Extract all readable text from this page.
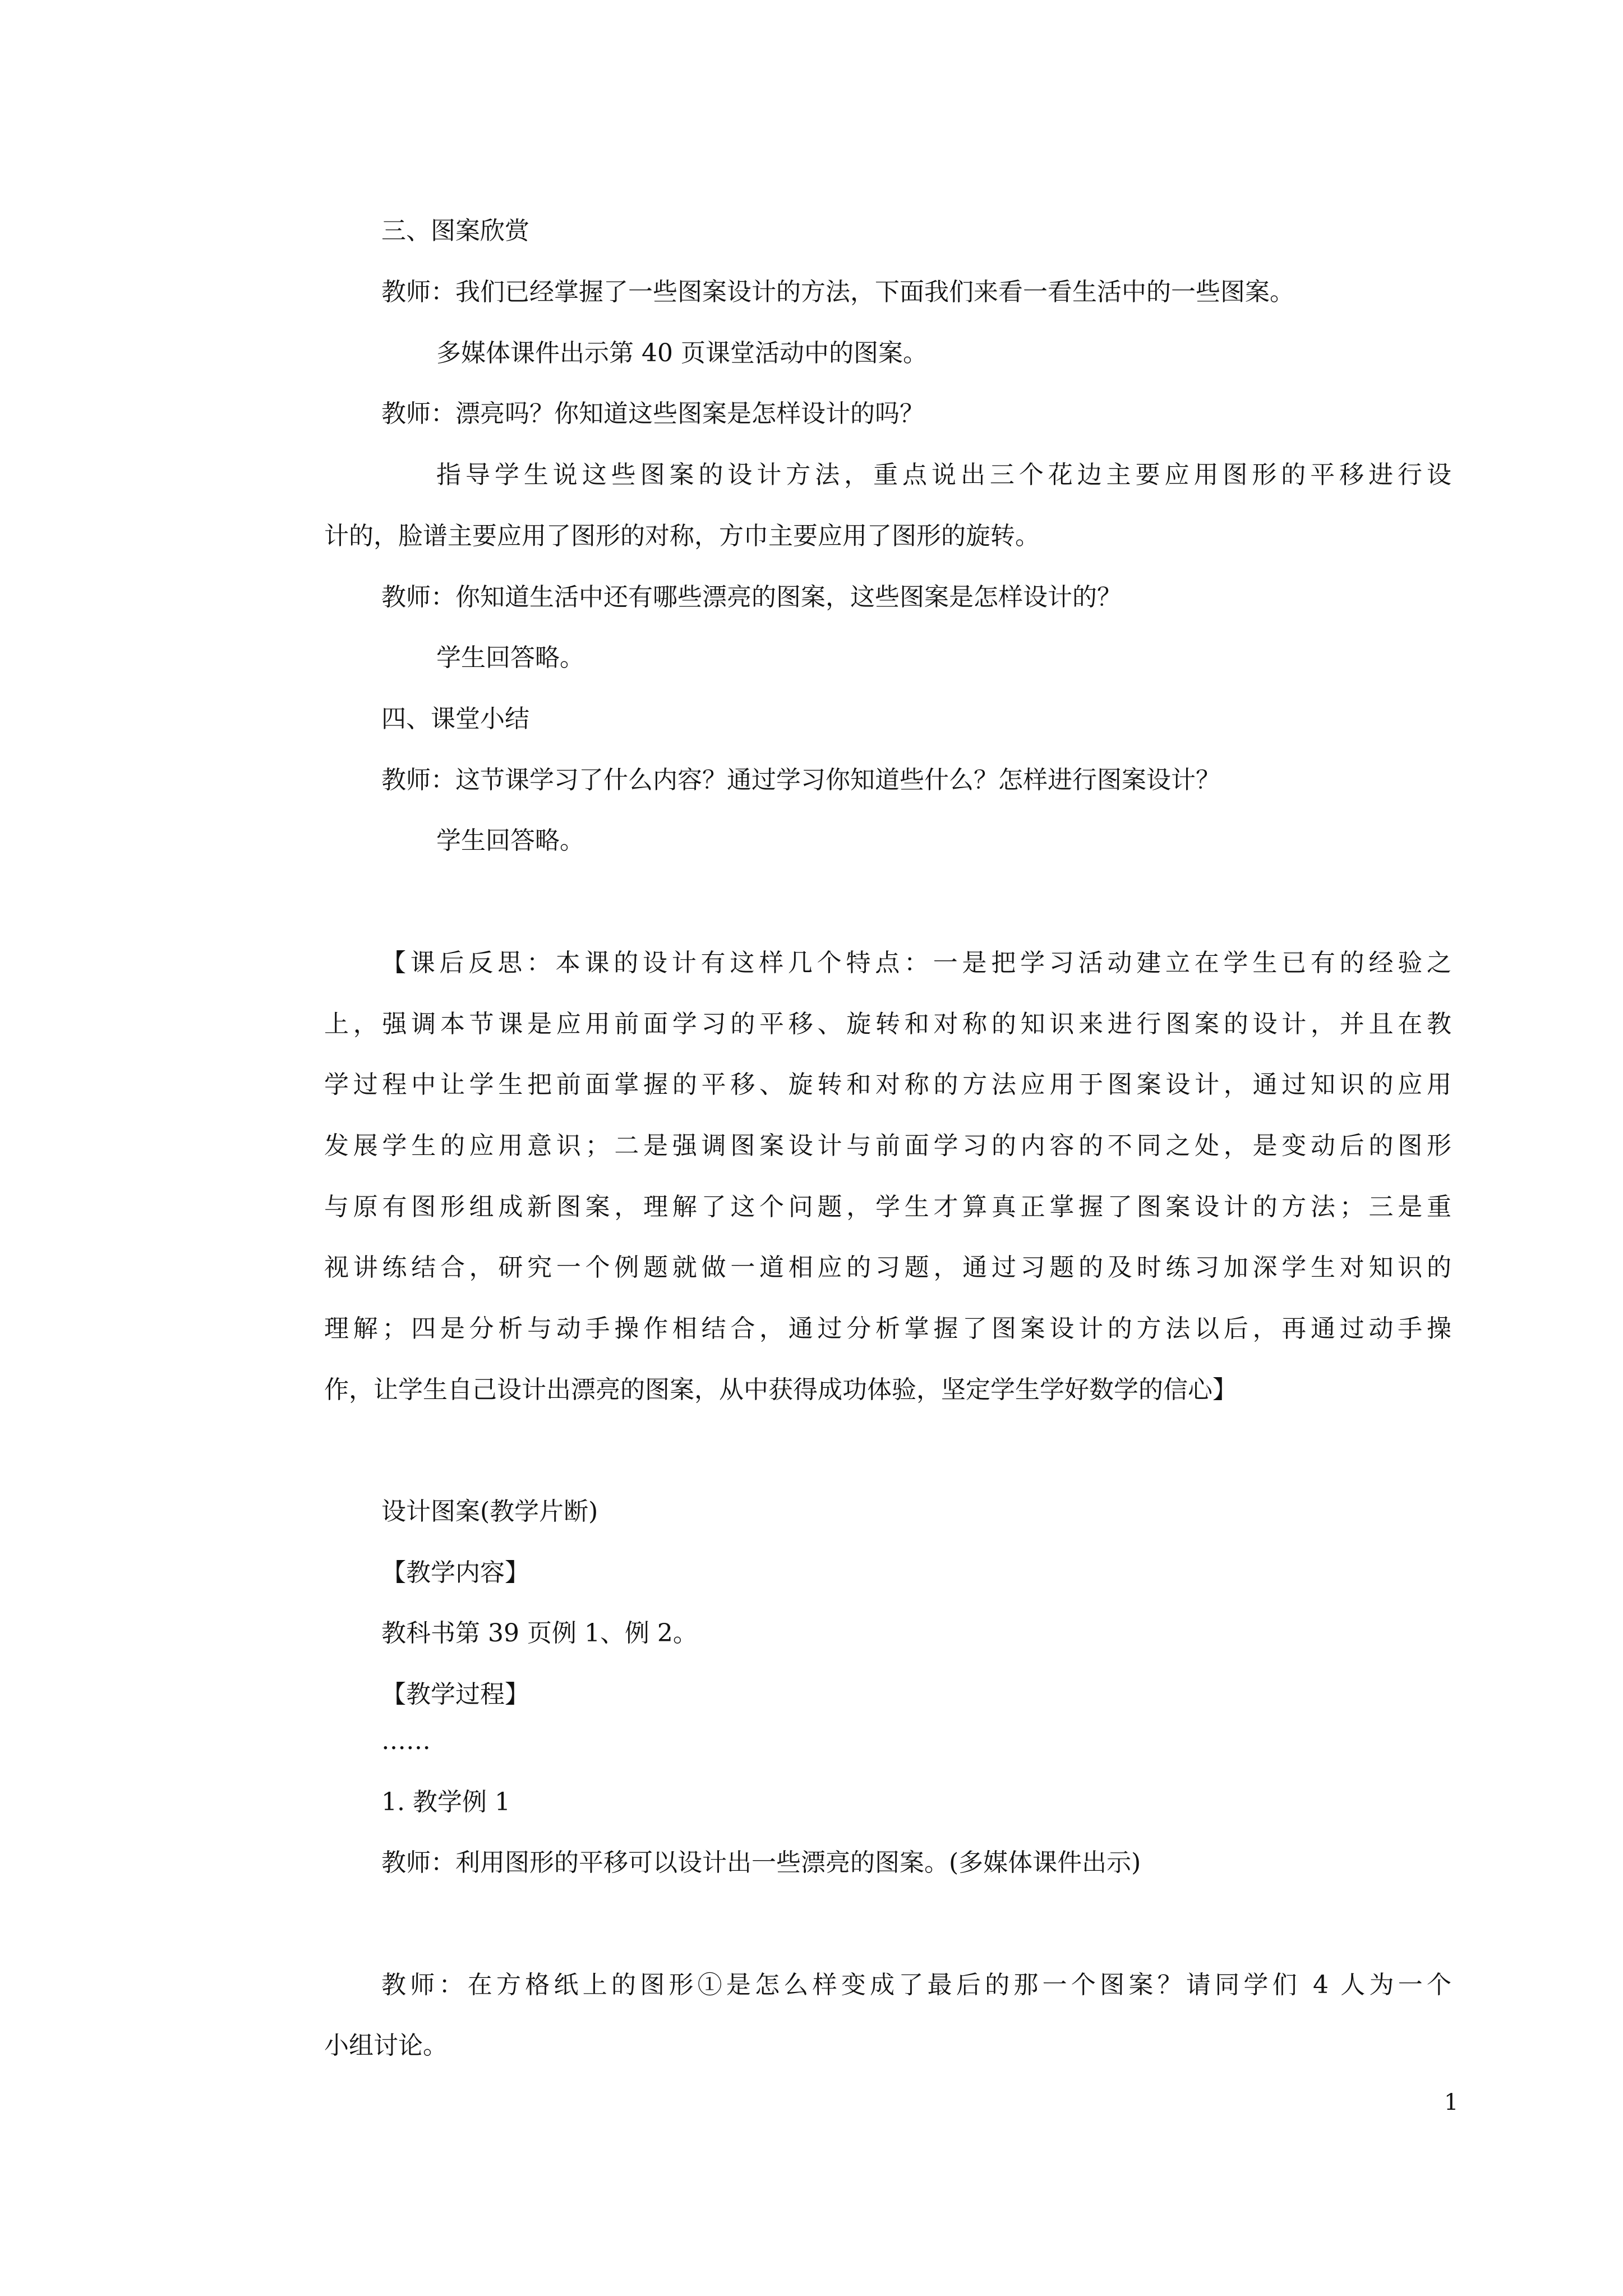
三、图案欣赏
教师：我们已经掌握了一些图案设计的方法，下面我们来看一看生活中的一些图案。
多媒体课件出示第 40 页课堂活动中的图案。
教师：漂亮吗？你知道这些图案是怎样设计的吗？
指导学生说这些图案的设计方法，重点说出三个花边主要应用图形的平移进行设
计的，脸谱主要应用了图形的对称，方巾主要应用了图形的旋转。
教师：你知道生活中还有哪些漂亮的图案，这些图案是怎样设计的？
学生回答略。
四、课堂小结
教师：这节课学习了什么内容？通过学习你知道些什么？怎样进行图案设计？
学生回答略。
【课后反思：本课的设计有这样几个特点：一是把学习活动建立在学生已有的经验之
上，强调本节课是应用前面学习的平移、旋转和对称的知识来进行图案的设计，并且在教
学过程中让学生把前面掌握的平移、旋转和对称的方法应用于图案设计，通过知识的应用
发展学生的应用意识；二是强调图案设计与前面学习的内容的不同之处，是变动后的图形
与原有图形组成新图案，理解了这个问题，学生才算真正掌握了图案设计的方法；三是重
视讲练结合，研究一个例题就做一道相应的习题，通过习题的及时练习加深学生对知识的
理解；四是分析与动手操作相结合，通过分析掌握了图案设计的方法以后，再通过动手操
作，让学生自己设计出漂亮的图案，从中获得成功体验，坚定学生学好数学的信心】
设计图案(教学片断)
【教学内容】
教科书第 39 页例 1、例 2。
【教学过程】
……
1. 教学例 1
教师：利用图形的平移可以设计出一些漂亮的图案。(多媒体课件出示)
教师：在方格纸上的图形①是怎么样变成了最后的那一个图案？请同学们 4 人为一个
小组讨论。
1
